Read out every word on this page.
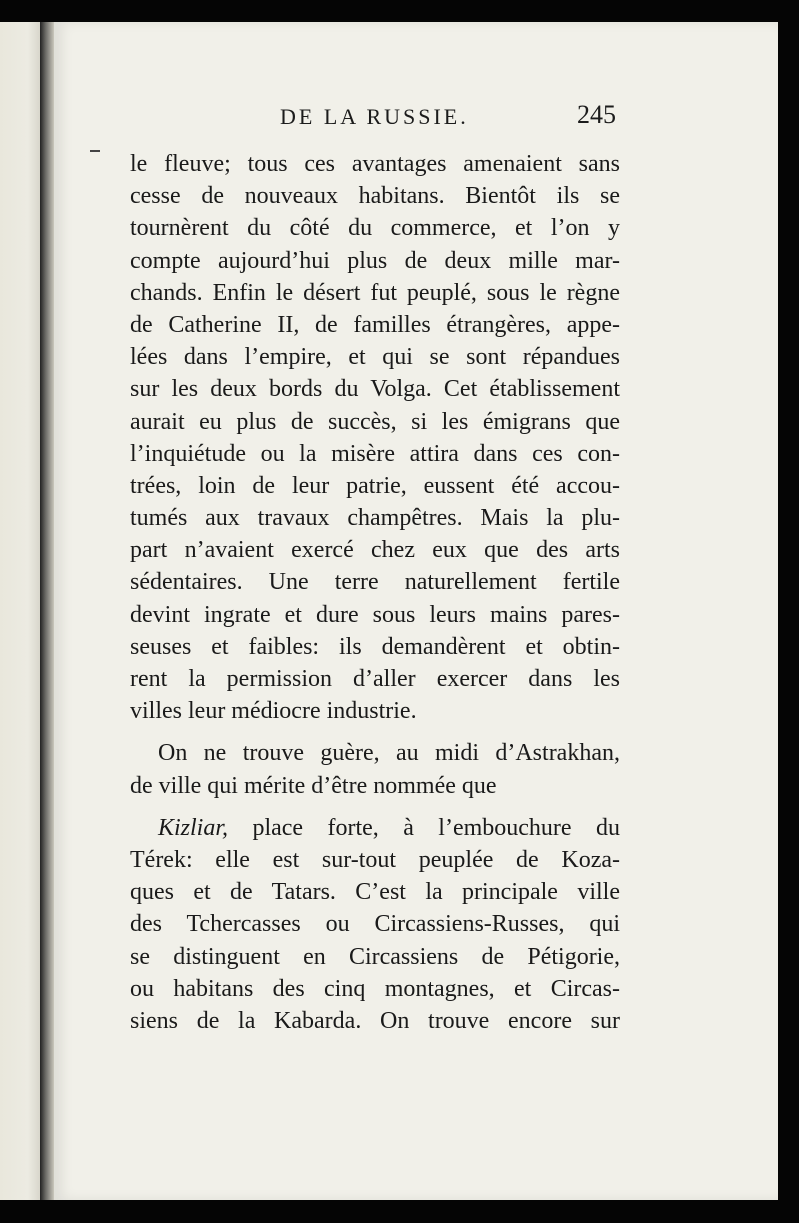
DE LA RUSSIE.	245
le fleuve; tous ces avantages amenaient sans
cesse de nouveaux habitans. Bientôt ils se
tournèrent du côté du commerce, et l’on y
compte aujourd’hui plus de deux mille mar-
chands. Enfin le désert fut peuplé, sous le règne
de Catherine II, de familles étrangères, appe-
lées dans l’empire, et qui se sont répandues
sur les deux bords du Volga. Cet établissement
aurait eu plus de succès, si les émigrans que
l’inquiétude ou la misère attira dans ces con-
trées, loin de leur patrie, eussent été accou-
tumés aux travaux champêtres. Mais la plu-
part n’avaient exercé chez eux que des arts
sédentaires. Une terre naturellement fertile
devint ingrate et dure sous leurs mains pares-
seuses et faibles: ils demandèrent et obtin-
rent la permission d’aller exercer dans les
villes leur médiocre industrie.
On ne trouve guère, au midi d’Astrakhan,
de ville qui mérite d’être nommée que
Kizliar, place forte, à l’embouchure du
Térek: elle est sur-tout peuplée de Koza-
ques et de Tatars. C’est la principale ville
des Tchercasses ou Circassiens-Russes, qui
se distinguent en Circassiens de Pétigorie,
ou habitans des cinq montagnes, et Circas-
siens de la Kabarda. On trouve encore sur
